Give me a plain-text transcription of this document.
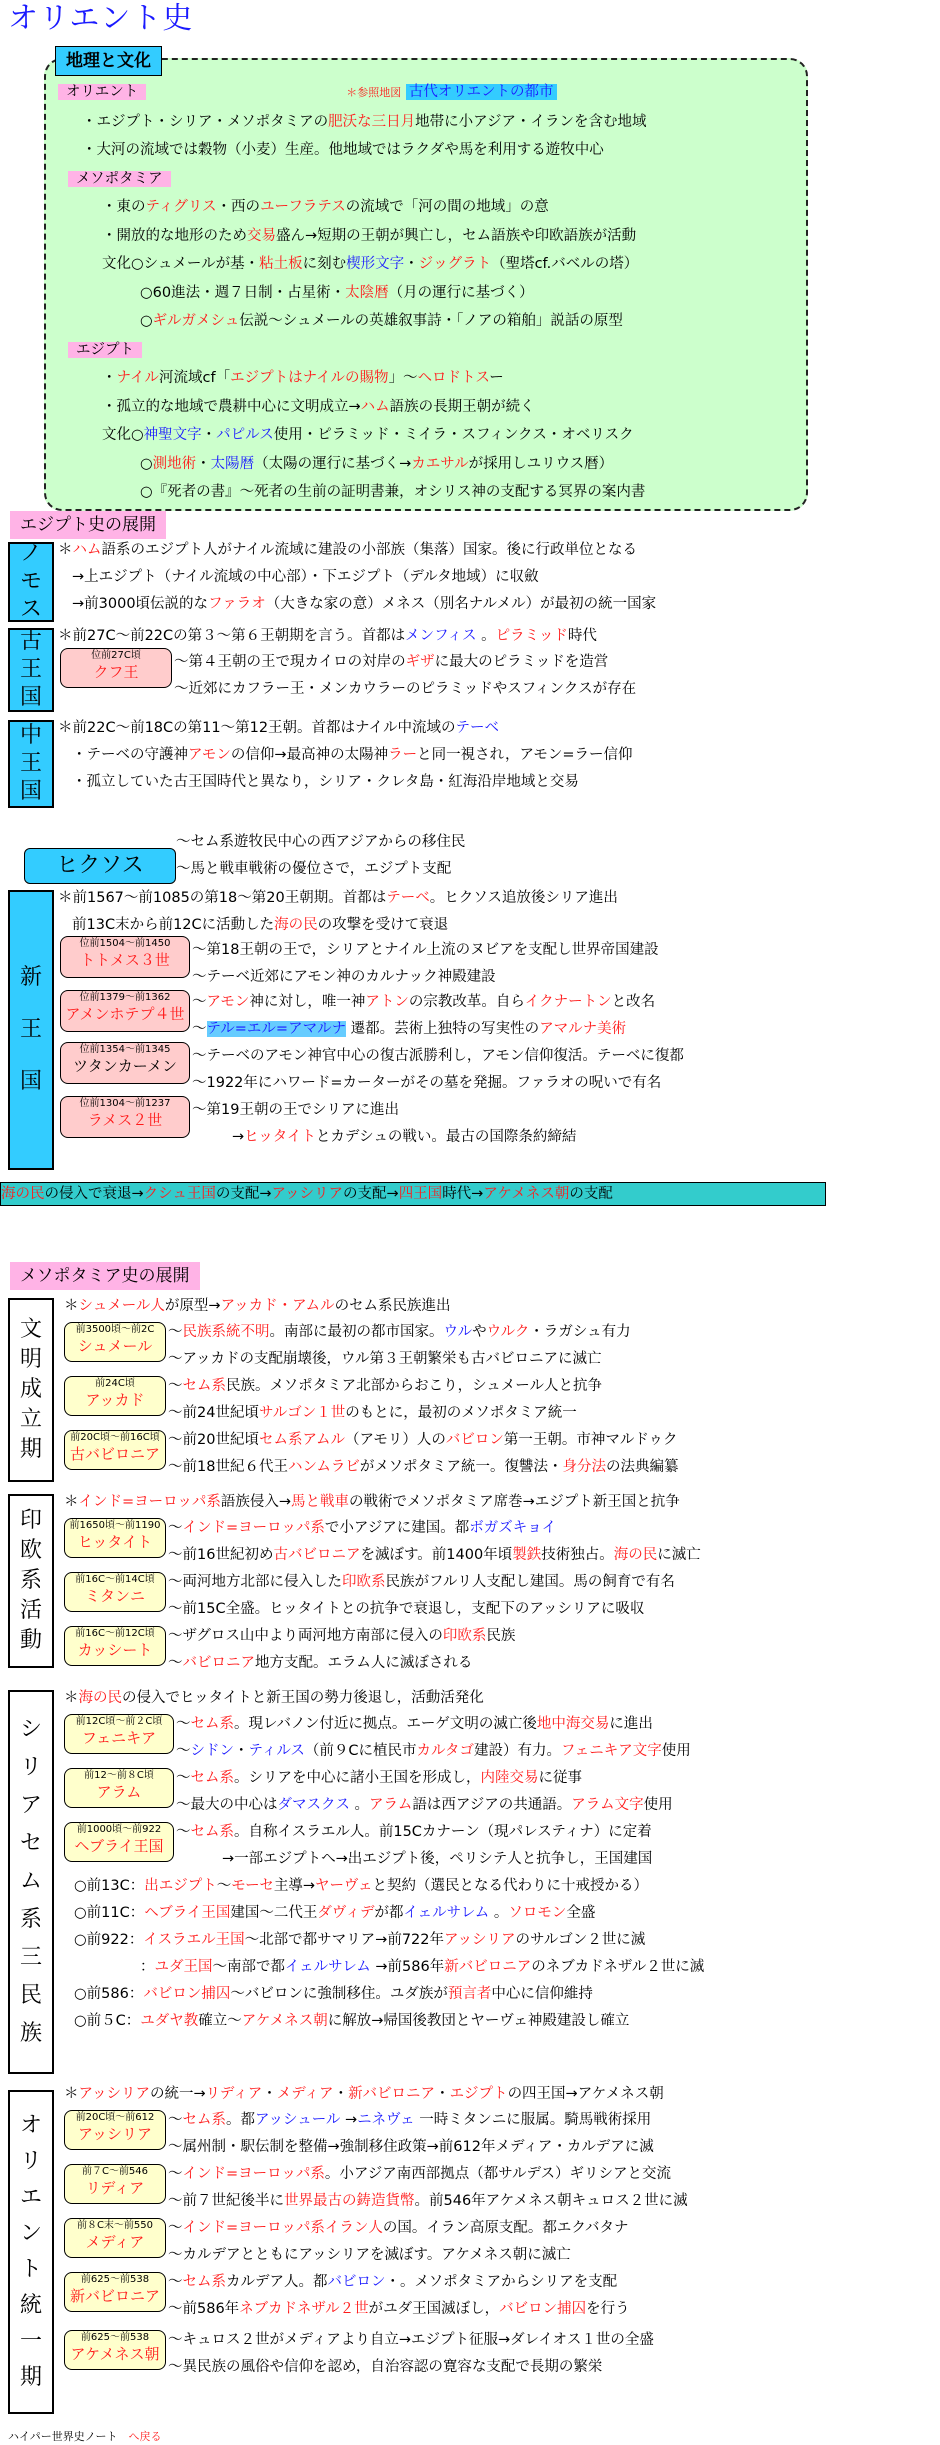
オリエント史
地理と文化
オリエント	＊参照地図 古代オリエントの都市
・エジプト・シリア・メソポタミアの肥沃な三日月地帯に小アジア・イランを含む地域
・大河の流域では穀物（小麦）生産。他地域ではラクダや馬を利用する遊牧中心
メソポタミア
・東のティグリス・西のユーフラテスの流域で「河の間の地域」の意
・開放的な地形のため交易盛ん→短期の王朝が興亡し，セム語族や印欧語族が活動
文化○シュメールが基・粘土板に刻む楔形文字・ジッグラト（聖塔cf.バベルの塔）
○60進法・週７日制・占星術・太陰暦（月の運行に基づく）
○ギルガメシュ伝説～シュメールの英雄叙事詩・「ノアの箱舶」説話の原型
エジプト
・ナイル河流域cf「エジプトはナイルの賜物」～ヘロドトスー
・孤立的な地域で農耕中心に文明成立→ハム語族の長期王朝が続く
文化○神聖文字・パピルス使用・ピラミッド・ミイラ・スフィンクス・オベリスク
○測地術・太陽暦（太陽の運行に基づく→カエサルが採用しユリウス暦）
○『死者の書』～死者の生前の証明書兼，オシリス神の支配する冥界の案内書
エジプト史の展開
ノ
モ
ス
＊ハム語系のエジプト人がナイル流域に建設の小部族（集落）国家。後に行政単位となる
→上エジプト（ナイル流域の中心部）・下エジプト（デルタ地域）に収斂
→前3000頃伝説的なファラオ（大きな家の意）メネス（別名ナルメル）が最初の統一国家
古
王
国
＊前27C～前22Cの第３～第６王朝期を言う。首都はメンフィス 。ピラミッド時代
位前27C頃
クフ王
～第４王朝の王で現カイロの対岸のギザに最大のピラミッドを造営
～近郊にカフラー王・メンカウラーのピラミッドやスフィンクスが存在
中
王
国
＊前22C～前18Cの第11～第12王朝。首都はナイル中流域のテーベ
・テーベの守護神アモンの信仰→最高神の太陽神ラーと同一視され，アモン=ラー信仰
・孤立していた古王国時代と異なり，シリア・クレタ島・紅海沿岸地域と交易
ヒクソス
～セム系遊牧民中心の西アジアからの移住民
～馬と戦車戦術の優位さで，エジプト支配
新
王
国
＊前1567～前1085の第18～第20王朝期。首都はテーベ。ヒクソス追放後シリア進出
前13C末から前12Cに活動した海の民の攻撃を受けて衰退
位前1504～前1450
トトメス３世
～第18王朝の王で，シリアとナイル上流のヌビアを支配し世界帝国建設
～テーベ近郊にアモン神のカルナック神殿建設
位前1379～前1362
アメンホテプ４世
～アモン神に対し，唯一神アトンの宗教改革。自らイクナートンと改名
～テル=エル=アマルナ 遷都。芸術上独特の写実性のアマルナ美術
位前1354～前1345
ツタンカーメン
～テーベのアモン神官中心の復古派勝利し，アモン信仰復活。テーベに復都
～1922年にハワード=カーターがその墓を発掘。ファラオの呪いで有名
位前1304～前1237
ラメス２世
～第19王朝の王でシリアに進出
→ヒッタイトとカデシュの戦い。最古の国際条約締結
海の民の侵入で衰退→クシュ王国の支配→アッシリアの支配→四王国時代→アケメネス朝の支配
メソポタミア史の展開
文
明
成
立
期
＊シュメール人が原型→アッカド・アムルのセム系民族進出
前3500頃～前2C
シュメール
～民族系統不明。南部に最初の都市国家。ウルやウルク・ラガシュ有力
～アッカドの支配崩壊後，ウル第３王朝繁栄も古バビロニアに滅亡
前24C頃
アッカド
～セム系民族。メソポタミア北部からおこり，シュメール人と抗争
～前24世紀頃サルゴン１世のもとに，最初のメソポタミア統一
前20C頃～前16C頃
古バビロニア
～前20世紀頃セム系アムル（アモリ）人のバビロン第一王朝。市神マルドゥク
～前18世紀６代王ハンムラビがメソポタミア統一。復讐法・身分法の法典編纂
印
欧
系
活
動
＊インド=ヨーロッパ系語族侵入→馬と戦車の戦術でメソポタミア席巻→エジプト新王国と抗争
前1650頃～前1190
ヒッタイト
～インド=ヨーロッパ系で小アジアに建国。都ボガズキョイ
～前16世紀初め古バビロニアを滅ぼす。前1400年頃製鉄技術独占。海の民に滅亡
前16C～前14C頃
ミタンニ
～両河地方北部に侵入した印欧系民族がフルリ人支配し建国。馬の飼育で有名
～前15C全盛。ヒッタイトとの抗争で衰退し，支配下のアッシリアに吸収
前16C～前12C頃
カッシート
～ザグロス山中より両河地方南部に侵入の印欧系民族
～バビロニア地方支配。エラム人に滅ぼされる
シ
リ
ア
セ
ム
系
三
民
族
＊海の民の侵入でヒッタイトと新王国の勢力後退し，活動活発化
前12C頃～前２C頃
フェニキア
～セム系。現レバノン付近に拠点。エーゲ文明の滅亡後地中海交易に進出
～シドン・ティルス（前９Cに植民市カルタゴ建設）有力。フェニキア文字使用
前12～前８C頃
アラム
～セム系。シリアを中心に諸小王国を形成し，内陸交易に従事
～最大の中心はダマスクス 。アラム語は西アジアの共通語。アラム文字使用
前1000頃～前922
ヘブライ王国
～セム系。自称イスラエル人。前15Cカナーン（現パレスティナ）に定着
→一部エジプトへ→出エジプト後，ペリシテ人と抗争し，王国建国
○前13C：出エジプト～モーセ主導→ヤーヴェと契約（選民となる代わりに十戒授かる）
○前11C：ヘブライ王国建国～二代王ダヴィデが都イェルサレム 。ソロモン全盛
○前922：イスラエル王国～北部で都サマリア→前722年アッシリアのサルゴン２世に滅
：ユダ王国～南部で都イェルサレム →前586年新バビロニアのネブカドネザル２世に滅
○前586：バビロン捕囚～バビロンに強制移住。ユダ族が預言者中心に信仰維持
○前５C：ユダヤ教確立～アケメネス朝に解放→帰国後教団とヤーヴェ神殿建設し確立
オ
リ
エ
ン
ト
統
一
期
＊アッシリアの統一→リディア・メディア・新バビロニア・エジプトの四王国→アケメネス朝
前20C頃～前612
アッシリア
～セム系。都アッシュール →ニネヴェ 一時ミタンニに服属。騎馬戦術採用
～属州制・駅伝制を整備→強制移住政策→前612年メディア・カルデアに滅
前７C～前546
リディア
～インド=ヨーロッパ系。小アジア南西部拠点（都サルデス）ギリシアと交流
～前７世紀後半に世界最古の鋳造貨幣。前546年アケメネス朝キュロス２世に滅
前８C末～前550
メディア
～インド=ヨーロッパ系イラン人の国。イラン高原支配。都エクバタナ
～カルデアとともにアッシリアを滅ぼす。アケメネス朝に滅亡
前625～前538
新バビロニア
～セム系カルデア人。都バビロン・。メソポタミアからシリアを支配
～前586年ネブカドネザル２世がユダ王国滅ぼし，バビロン捕囚を行う
前625～前538
アケメネス朝
～キュロス２世がメディアより自立→エジプト征服→ダレイオス１世の全盛
～異民族の風俗や信仰を認め，自治容認の寛容な支配で長期の繁栄
ハイパー世界史ノート　 へ戻る
